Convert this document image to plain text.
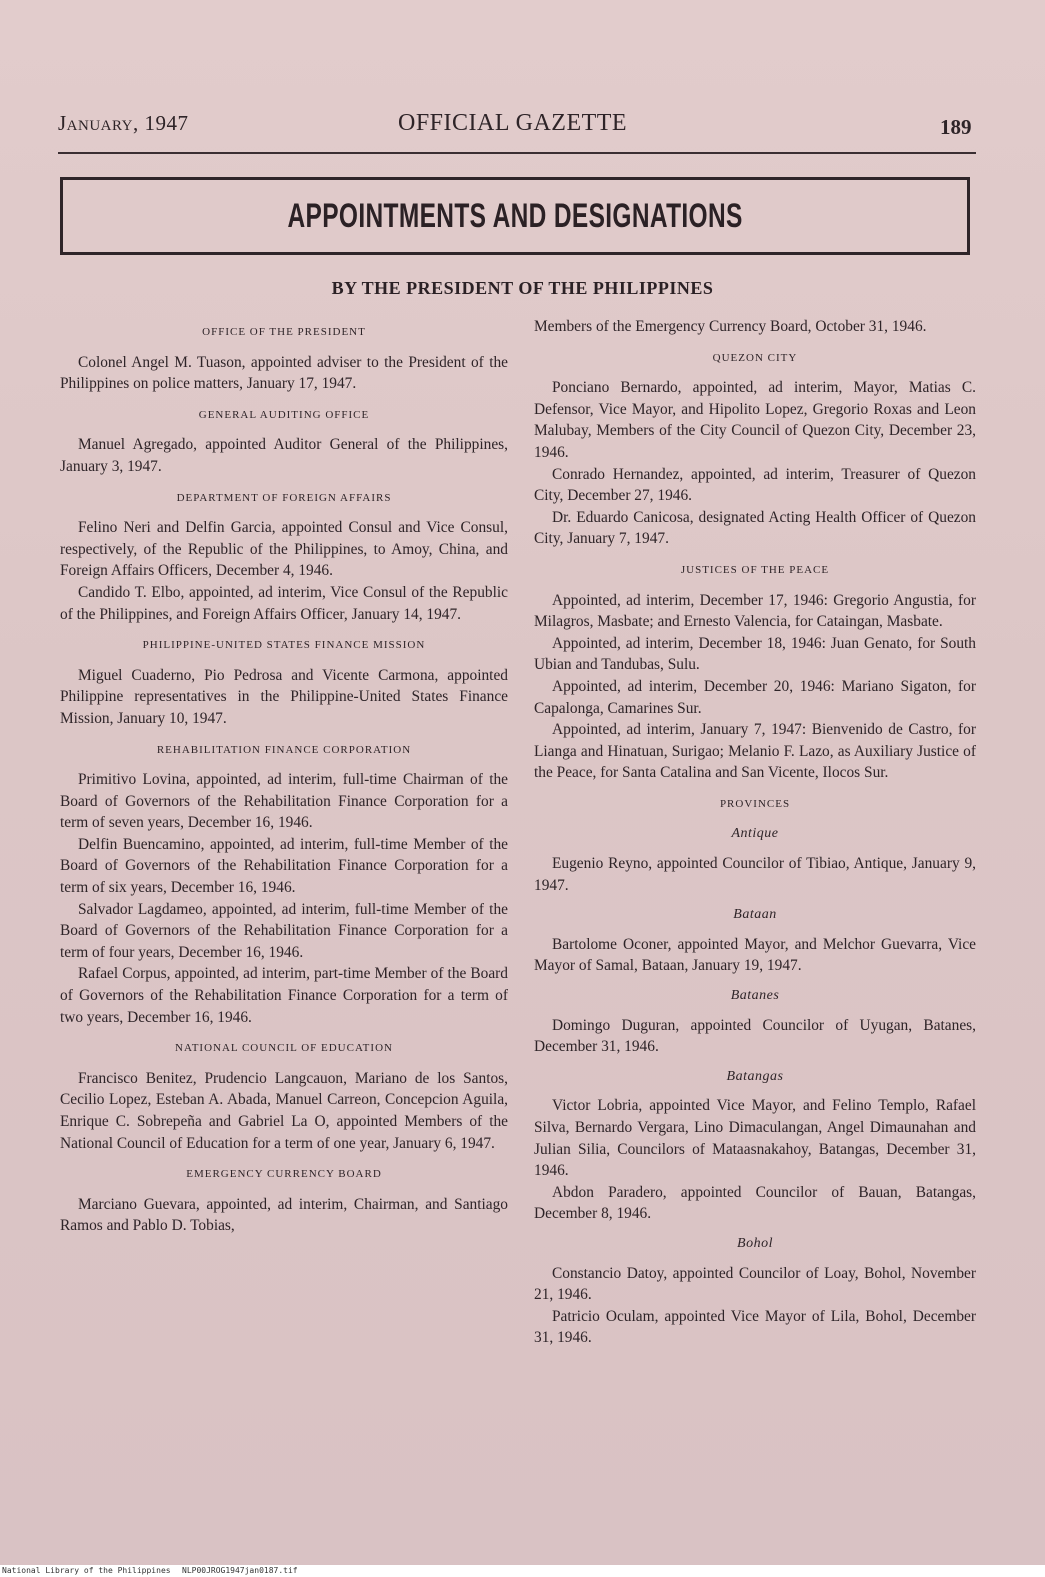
January, 1947	OFFICIAL GAZETTE	189
APPOINTMENTS AND DESIGNATIONS
BY THE PRESIDENT OF THE PHILIPPINES
OFFICE OF THE PRESIDENT
Colonel Angel M. Tuason, appointed adviser to the President of the Philippines on police matters, January 17, 1947.
GENERAL AUDITING OFFICE
Manuel Agregado, appointed Auditor General of the Philippines, January 3, 1947.
DEPARTMENT OF FOREIGN AFFAIRS
Felino Neri and Delfin Garcia, appointed Consul and Vice Consul, respectively, of the Republic of the Philippines, to Amoy, China, and Foreign Affairs Officers, December 4, 1946.
Candido T. Elbo, appointed, ad interim, Vice Consul of the Republic of the Philippines, and Foreign Affairs Officer, January 14, 1947.
PHILIPPINE-UNITED STATES FINANCE MISSION
Miguel Cuaderno, Pio Pedrosa and Vicente Carmona, appointed Philippine representatives in the Philippine-United States Finance Mission, January 10, 1947.
REHABILITATION FINANCE CORPORATION
Primitivo Lovina, appointed, ad interim, full-time Chairman of the Board of Governors of the Rehabilitation Finance Corporation for a term of seven years, December 16, 1946.
Delfin Buencamino, appointed, ad interim, full-time Member of the Board of Governors of the Rehabilitation Finance Corporation for a term of six years, December 16, 1946.
Salvador Lagdameo, appointed, ad interim, full-time Member of the Board of Governors of the Rehabilitation Finance Corporation for a term of four years, December 16, 1946.
Rafael Corpus, appointed, ad interim, part-time Member of the Board of Governors of the Rehabilitation Finance Corporation for a term of two years, December 16, 1946.
NATIONAL COUNCIL OF EDUCATION
Francisco Benitez, Prudencio Langcauon, Mariano de los Santos, Cecilio Lopez, Esteban A. Abada, Manuel Carreon, Concepcion Aguila, Enrique C. Sobrepeña and Gabriel La O, appointed Members of the National Council of Education for a term of one year, January 6, 1947.
EMERGENCY CURRENCY BOARD
Marciano Guevara, appointed, ad interim, Chairman, and Santiago Ramos and Pablo D. Tobias,
Members of the Emergency Currency Board, October 31, 1946.
QUEZON CITY
Ponciano Bernardo, appointed, ad interim, Mayor, Matias C. Defensor, Vice Mayor, and Hipolito Lopez, Gregorio Roxas and Leon Malubay, Members of the City Council of Quezon City, December 23, 1946.
Conrado Hernandez, appointed, ad interim, Treasurer of Quezon City, December 27, 1946.
Dr. Eduardo Canicosa, designated Acting Health Officer of Quezon City, January 7, 1947.
JUSTICES OF THE PEACE
Appointed, ad interim, December 17, 1946: Gregorio Angustia, for Milagros, Masbate; and Ernesto Valencia, for Cataingan, Masbate.
Appointed, ad interim, December 18, 1946: Juan Genato, for South Ubian and Tandubas, Sulu.
Appointed, ad interim, December 20, 1946: Mariano Sigaton, for Capalonga, Camarines Sur.
Appointed, ad interim, January 7, 1947: Bienvenido de Castro, for Lianga and Hinatuan, Surigao; Melanio F. Lazo, as Auxiliary Justice of the Peace, for Santa Catalina and San Vicente, Ilocos Sur.
PROVINCES
Antique
Eugenio Reyno, appointed Councilor of Tibiao, Antique, January 9, 1947.
Bataan
Bartolome Oconer, appointed Mayor, and Melchor Guevarra, Vice Mayor of Samal, Bataan, January 19, 1947.
Batanes
Domingo Duguran, appointed Councilor of Uyugan, Batanes, December 31, 1946.
Batangas
Victor Lobria, appointed Vice Mayor, and Felino Templo, Rafael Silva, Bernardo Vergara, Lino Dimaculangan, Angel Dimaunahan and Julian Silia, Councilors of Mataasnakahoy, Batangas, December 31, 1946.
Abdon Paradero, appointed Councilor of Bauan, Batangas, December 8, 1946.
Bohol
Constancio Datoy, appointed Councilor of Loay, Bohol, November 21, 1946.
Patricio Oculam, appointed Vice Mayor of Lila, Bohol, December 31, 1946.
National Library of the Philippines NLP00JROG1947jan0187.tif
